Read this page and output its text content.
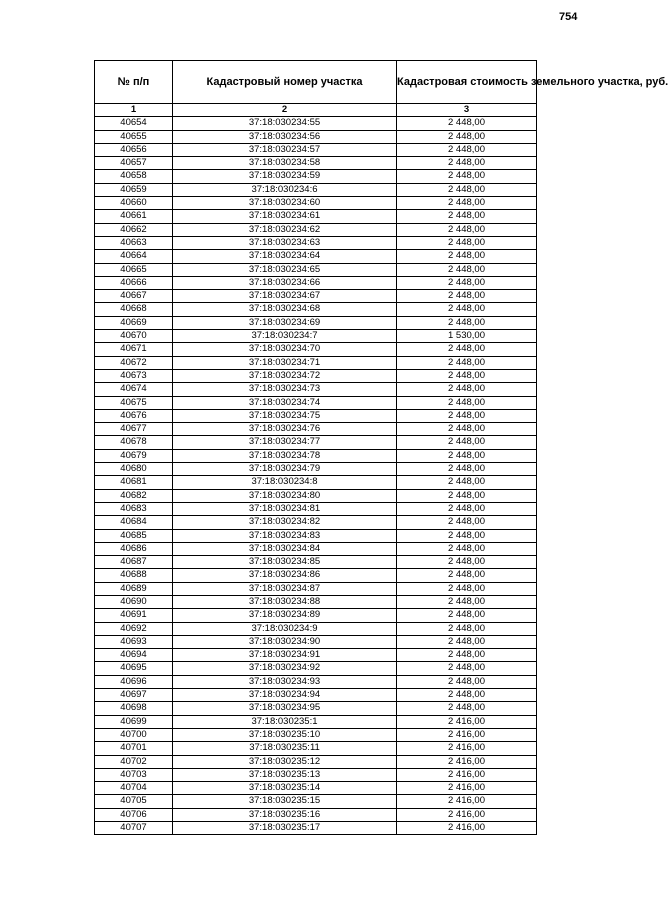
754
№ п/п	Кадастровый номер участка	Кадастровая стоимость земельного участка, руб.
1	2	3
40654	37:18:030234:55	2 448,00
40655	37:18:030234:56	2 448,00
40656	37:18:030234:57	2 448,00
40657	37:18:030234:58	2 448,00
40658	37:18:030234:59	2 448,00
40659	37:18:030234:6	2 448,00
40660	37:18:030234:60	2 448,00
40661	37:18:030234:61	2 448,00
40662	37:18:030234:62	2 448,00
40663	37:18:030234:63	2 448,00
40664	37:18:030234:64	2 448,00
40665	37:18:030234:65	2 448,00
40666	37:18:030234:66	2 448,00
40667	37:18:030234:67	2 448,00
40668	37:18:030234:68	2 448,00
40669	37:18:030234:69	2 448,00
40670	37:18:030234:7	1 530,00
40671	37:18:030234:70	2 448,00
40672	37:18:030234:71	2 448,00
40673	37:18:030234:72	2 448,00
40674	37:18:030234:73	2 448,00
40675	37:18:030234:74	2 448,00
40676	37:18:030234:75	2 448,00
40677	37:18:030234:76	2 448,00
40678	37:18:030234:77	2 448,00
40679	37:18:030234:78	2 448,00
40680	37:18:030234:79	2 448,00
40681	37:18:030234:8	2 448,00
40682	37:18:030234:80	2 448,00
40683	37:18:030234:81	2 448,00
40684	37:18:030234:82	2 448,00
40685	37:18:030234:83	2 448,00
40686	37:18:030234:84	2 448,00
40687	37:18:030234:85	2 448,00
40688	37:18:030234:86	2 448,00
40689	37:18:030234:87	2 448,00
40690	37:18:030234:88	2 448,00
40691	37:18:030234:89	2 448,00
40692	37:18:030234:9	2 448,00
40693	37:18:030234:90	2 448,00
40694	37:18:030234:91	2 448,00
40695	37:18:030234:92	2 448,00
40696	37:18:030234:93	2 448,00
40697	37:18:030234:94	2 448,00
40698	37:18:030234:95	2 448,00
40699	37:18:030235:1	2 416,00
40700	37:18:030235:10	2 416,00
40701	37:18:030235:11	2 416,00
40702	37:18:030235:12	2 416,00
40703	37:18:030235:13	2 416,00
40704	37:18:030235:14	2 416,00
40705	37:18:030235:15	2 416,00
40706	37:18:030235:16	2 416,00
40707	37:18:030235:17	2 416,00
